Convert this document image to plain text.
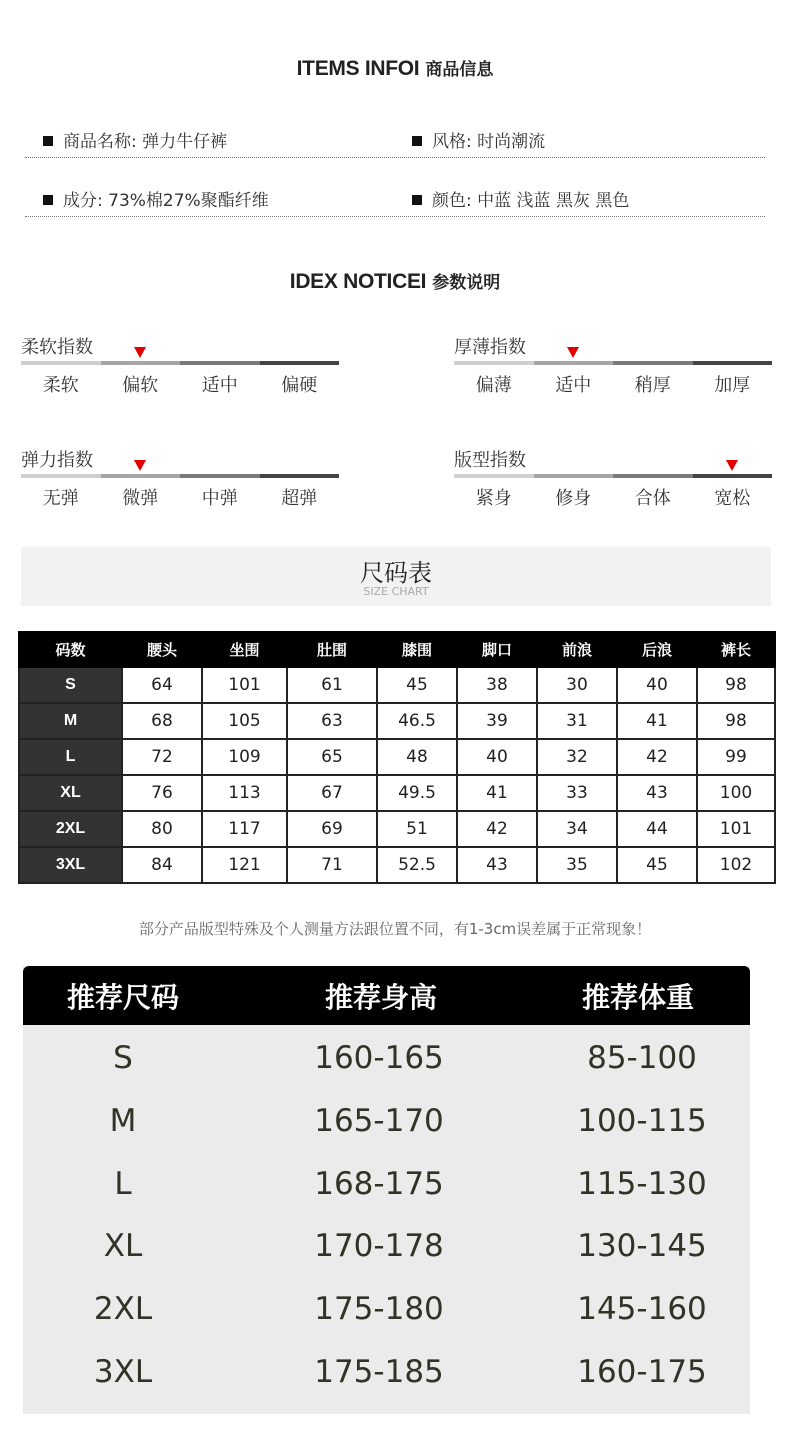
ITEMS INFOI 商品信息
商品名称: 弹力牛仔裤	风格: 时尚潮流
成分: 73%棉27%聚酯纤维	颜色: 中蓝 浅蓝 黑灰 黑色
IDEX NOTICEI 参数说明
柔软指数
柔软	偏软	适中	偏硬
厚薄指数
偏薄	适中	稍厚	加厚
弹力指数
无弹	微弹	中弹	超弹
版型指数
紧身	修身	合体	宽松
尺码表
SIZE CHART
码数	腰头	坐围	肚围	膝围	脚口	前浪	后浪	裤长
S	64	101	61	45	38	30	40	98
M	68	105	63	46.5	39	31	41	98
L	72	109	65	48	40	32	42	99
XL	76	113	67	49.5	41	33	43	100
2XL	80	117	69	51	42	34	44	101
3XL	84	121	71	52.5	43	35	45	102
部分产品版型特殊及个人测量方法跟位置不同，有1-3cm误差属于正常现象！
推荐尺码	推荐身高	推荐体重
S	160-165	85-100
M	165-170	100-115
L	168-175	115-130
XL	170-178	130-145
2XL	175-180	145-160
3XL	175-185	160-175
